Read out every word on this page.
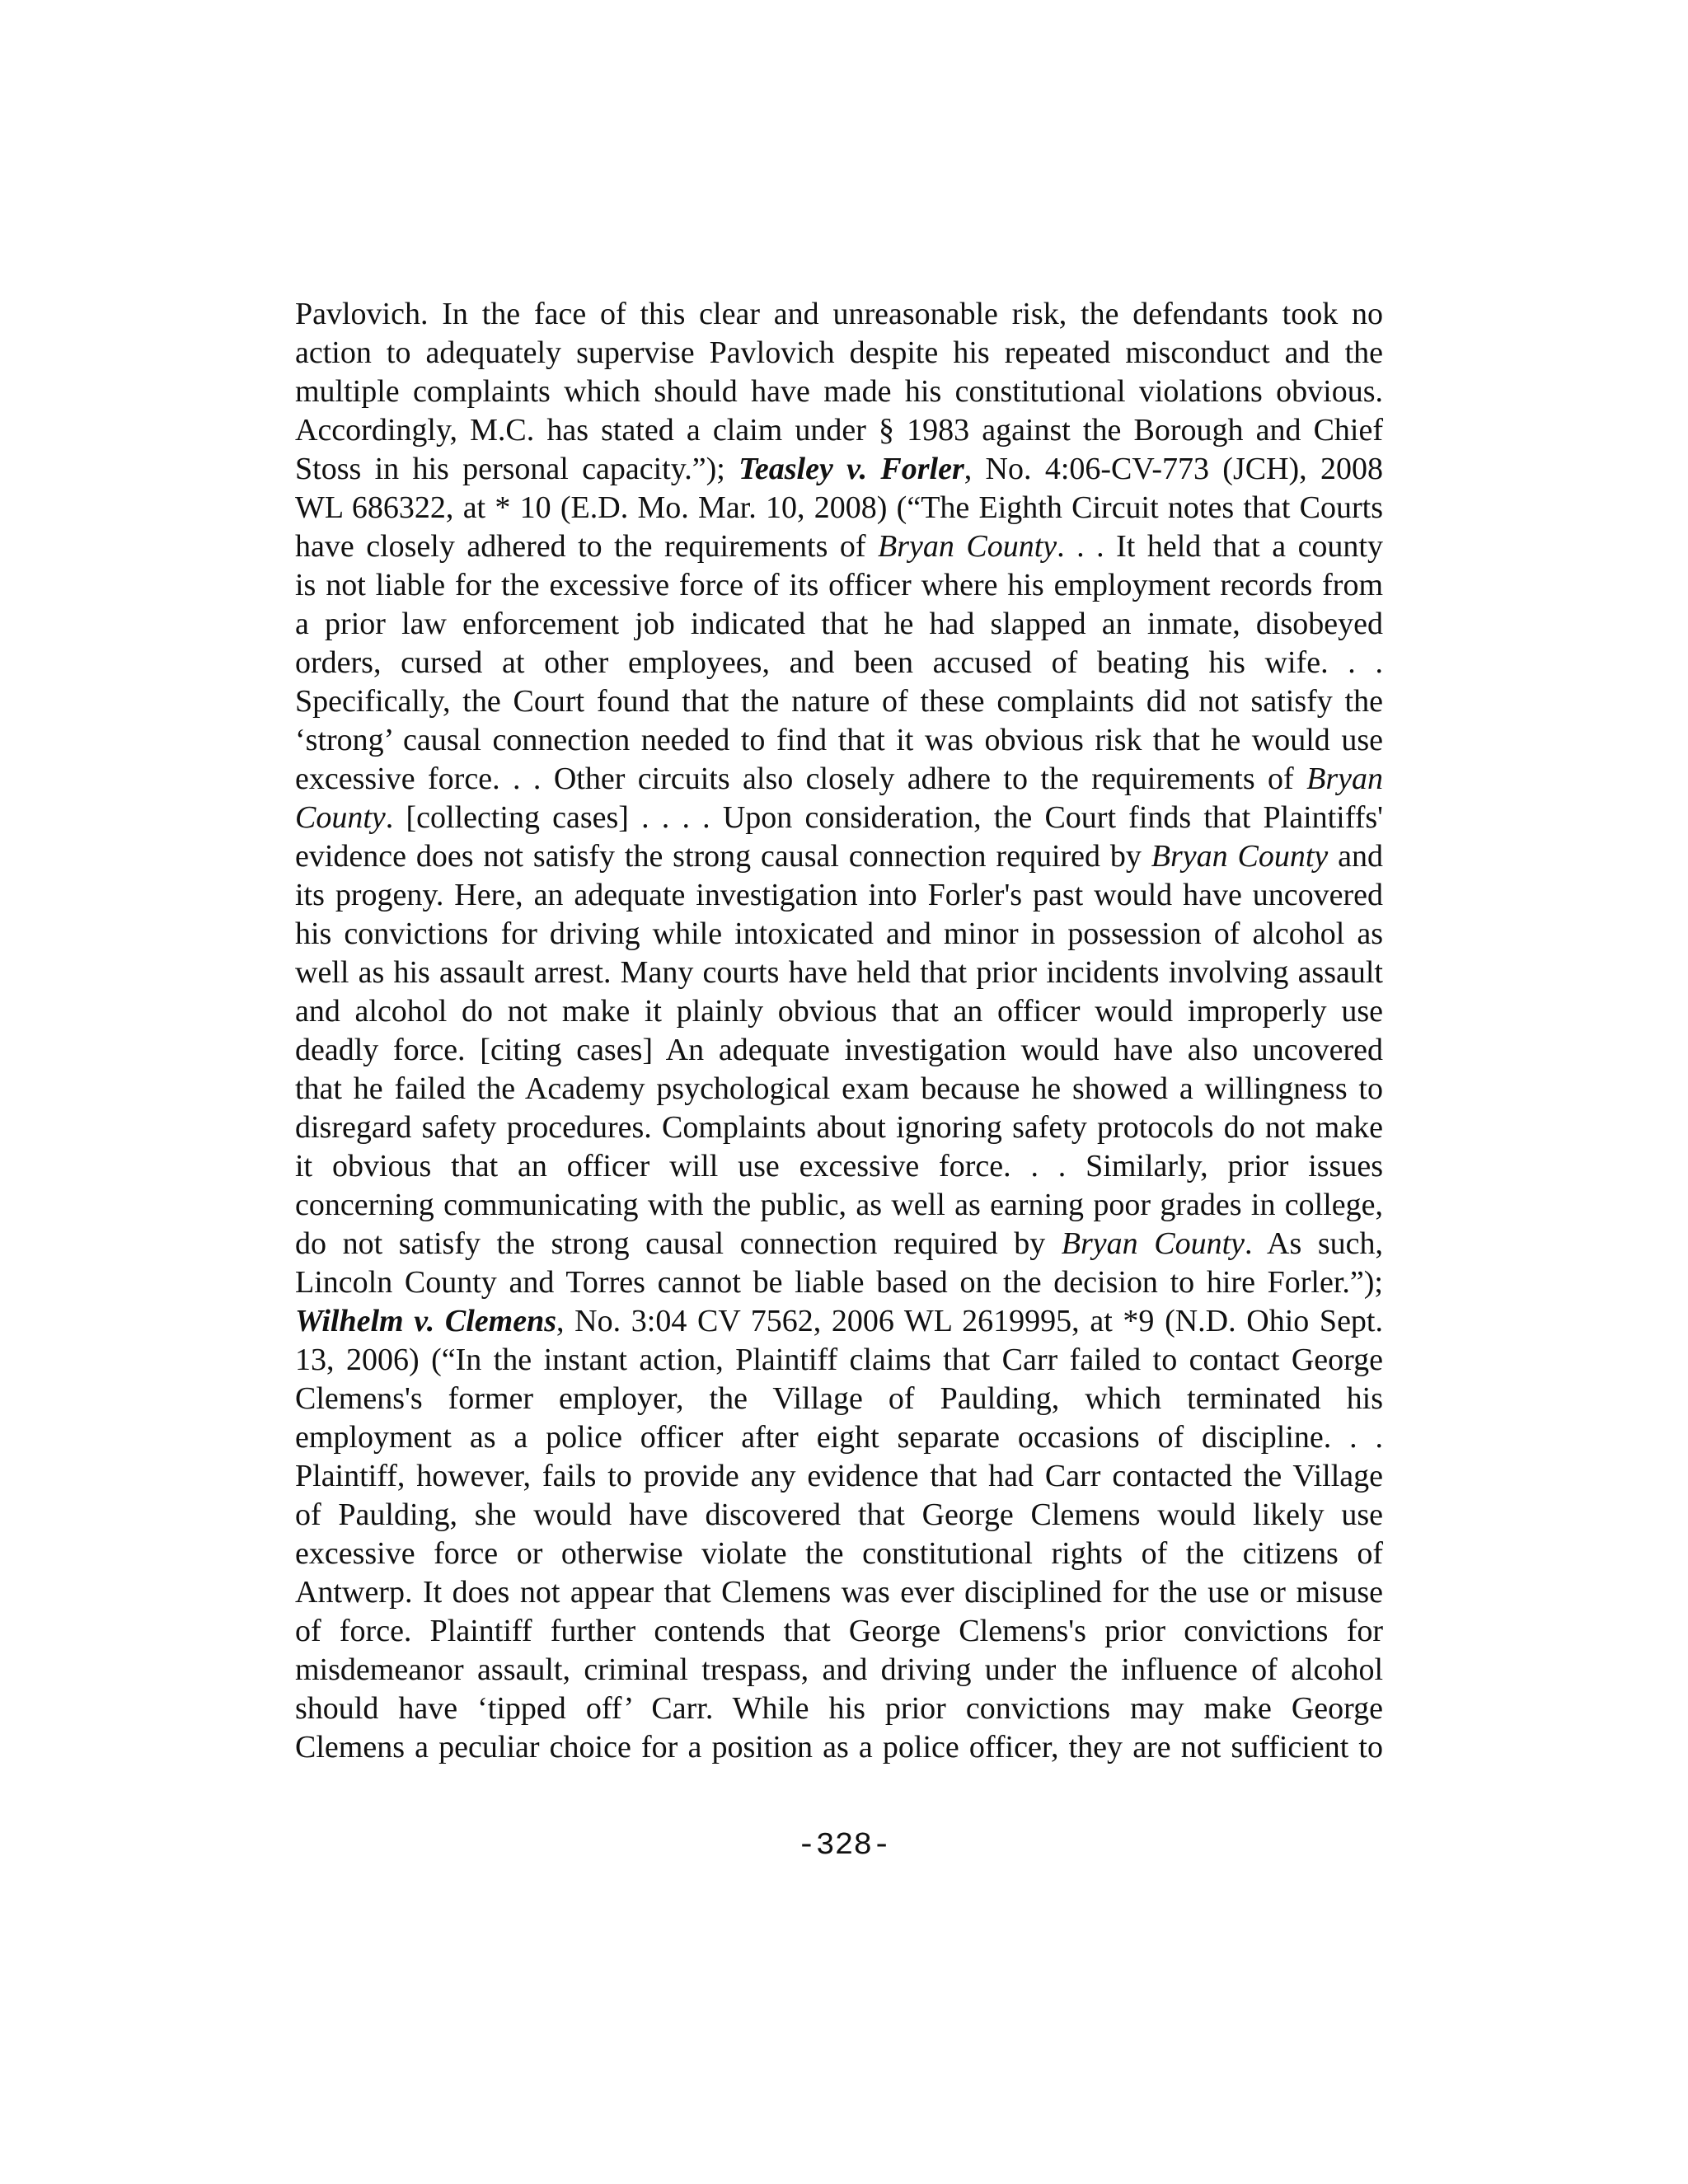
Pavlovich. In the face of this clear and unreasonable risk, the defendants took no
action to adequately supervise Pavlovich despite his repeated misconduct and the
multiple complaints which should have made his constitutional violations obvious.
Accordingly, M.C. has stated a claim under § 1983 against the Borough and Chief
Stoss in his personal capacity.”); Teasley v. Forler, No. 4:06-CV-773 (JCH), 2008
WL 686322, at * 10 (E.D. Mo. Mar. 10, 2008) (“The Eighth Circuit notes that Courts
have closely adhered to the requirements of Bryan County. . . It held that a county
is not liable for the excessive force of its officer where his employment records from
a prior law enforcement job indicated that he had slapped an inmate, disobeyed
orders, cursed at other employees, and been accused of beating his wife. . .
Specifically, the Court found that the nature of these complaints did not satisfy the
‘strong’ causal connection needed to find that it was obvious risk that he would use
excessive force. . . Other circuits also closely adhere to the requirements of Bryan
County. [collecting cases] . . . . Upon consideration, the Court finds that Plaintiffs'
evidence does not satisfy the strong causal connection required by Bryan County and
its progeny. Here, an adequate investigation into Forler's past would have uncovered
his convictions for driving while intoxicated and minor in possession of alcohol as
well as his assault arrest. Many courts have held that prior incidents involving assault
and alcohol do not make it plainly obvious that an officer would improperly use
deadly force. [citing cases] An adequate investigation would have also uncovered
that he failed the Academy psychological exam because he showed a willingness to
disregard safety procedures. Complaints about ignoring safety protocols do not make
it obvious that an officer will use excessive force. . . Similarly, prior issues
concerning communicating with the public, as well as earning poor grades in college,
do not satisfy the strong causal connection required by Bryan County. As such,
Lincoln County and Torres cannot be liable based on the decision to hire Forler.”);
Wilhelm v. Clemens, No. 3:04 CV 7562, 2006 WL 2619995, at *9 (N.D. Ohio Sept.
13, 2006) (“In the instant action, Plaintiff claims that Carr failed to contact George
Clemens's former employer, the Village of Paulding, which terminated his
employment as a police officer after eight separate occasions of discipline. . .
Plaintiff, however, fails to provide any evidence that had Carr contacted the Village
of Paulding, she would have discovered that George Clemens would likely use
excessive force or otherwise violate the constitutional rights of the citizens of
Antwerp. It does not appear that Clemens was ever disciplined for the use or misuse
of force. Plaintiff further contends that George Clemens's prior convictions for
misdemeanor assault, criminal trespass, and driving under the influence of alcohol
should have ‘tipped off’ Carr. While his prior convictions may make George
Clemens a peculiar choice for a position as a police officer, they are not sufficient to
-328-
